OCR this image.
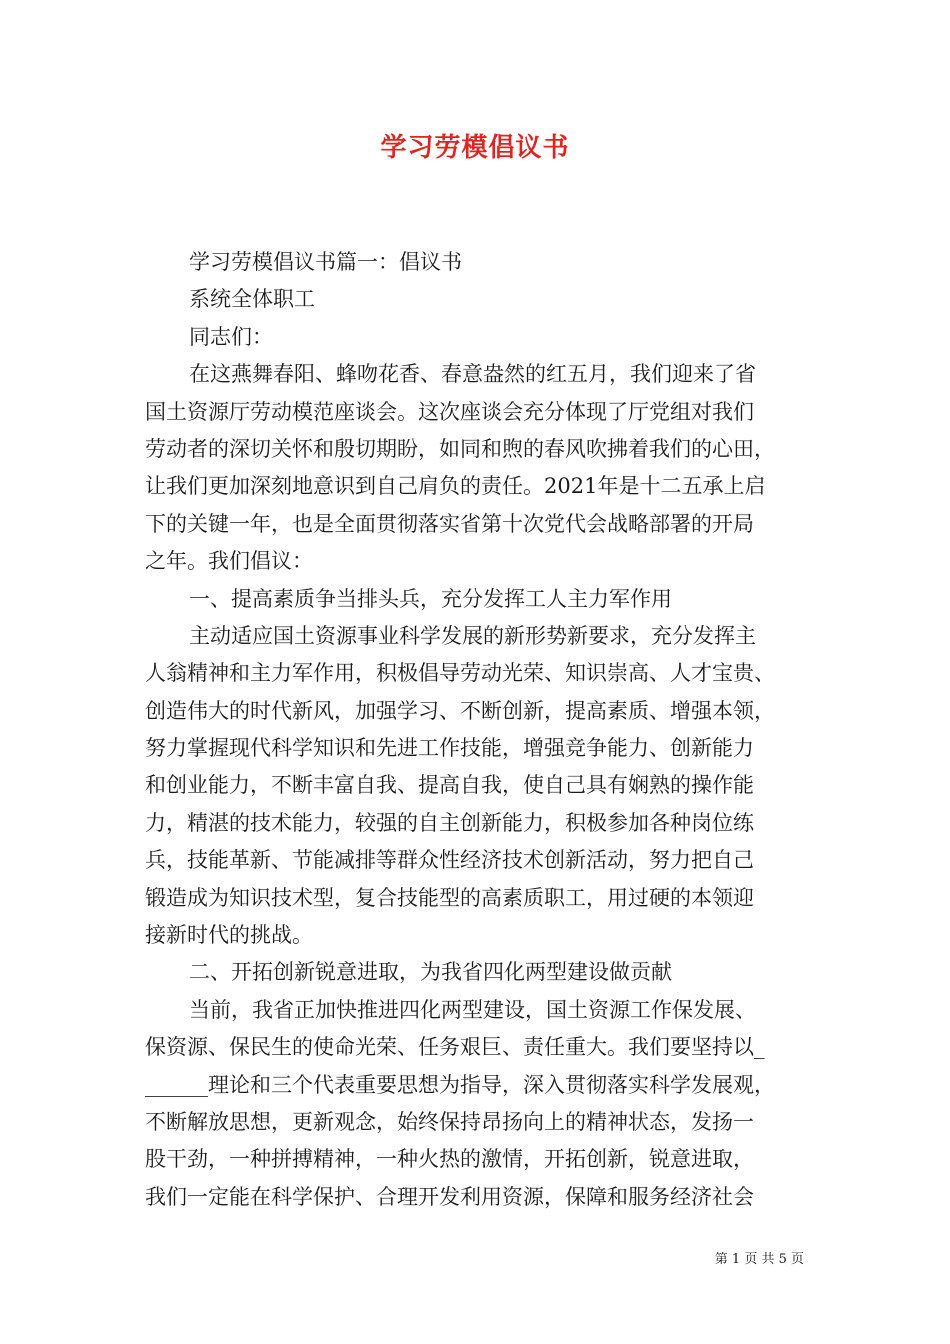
学习劳模倡议书
学习劳模倡议书篇一：倡议书
系统全体职工
同志们：
在这燕舞春阳、蜂吻花香、春意盎然的红五月，我们迎来了省
国土资源厅劳动模范座谈会。这次座谈会充分体现了厅党组对我们
劳动者的深切关怀和殷切期盼，如同和煦的春风吹拂着我们的心田，
让我们更加深刻地意识到自己肩负的责任。2021年是十二五承上启
下的关键一年，也是全面贯彻落实省第十次党代会战略部署的开局
之年。我们倡议：
一、提高素质争当排头兵，充分发挥工人主力军作用
主动适应国土资源事业科学发展的新形势新要求，充分发挥主
人翁精神和主力军作用，积极倡导劳动光荣、知识崇高、人才宝贵、
创造伟大的时代新风，加强学习、不断创新，提高素质、增强本领，
努力掌握现代科学知识和先进工作技能，增强竞争能力、创新能力
和创业能力，不断丰富自我、提高自我，使自己具有娴熟的操作能
力，精湛的技术能力，较强的自主创新能力，积极参加各种岗位练
兵，技能革新、节能减排等群众性经济技术创新活动，努力把自己
锻造成为知识技术型，复合技能型的高素质职工，用过硬的本领迎
接新时代的挑战。
二、开拓创新锐意进取，为我省四化两型建设做贡献
当前，我省正加快推进四化两型建设，国土资源工作保发展、
保资源、保民生的使命光荣、任务艰巨、责任重大。我们要坚持以_
______理论和三个代表重要思想为指导，深入贯彻落实科学发展观，
不断解放思想，更新观念，始终保持昂扬向上的精神状态，发扬一
股干劲，一种拼搏精神，一种火热的激情，开拓创新，锐意进取，
我们一定能在科学保护、合理开发利用资源，保障和服务经济社会
第 1 页 共 5 页
